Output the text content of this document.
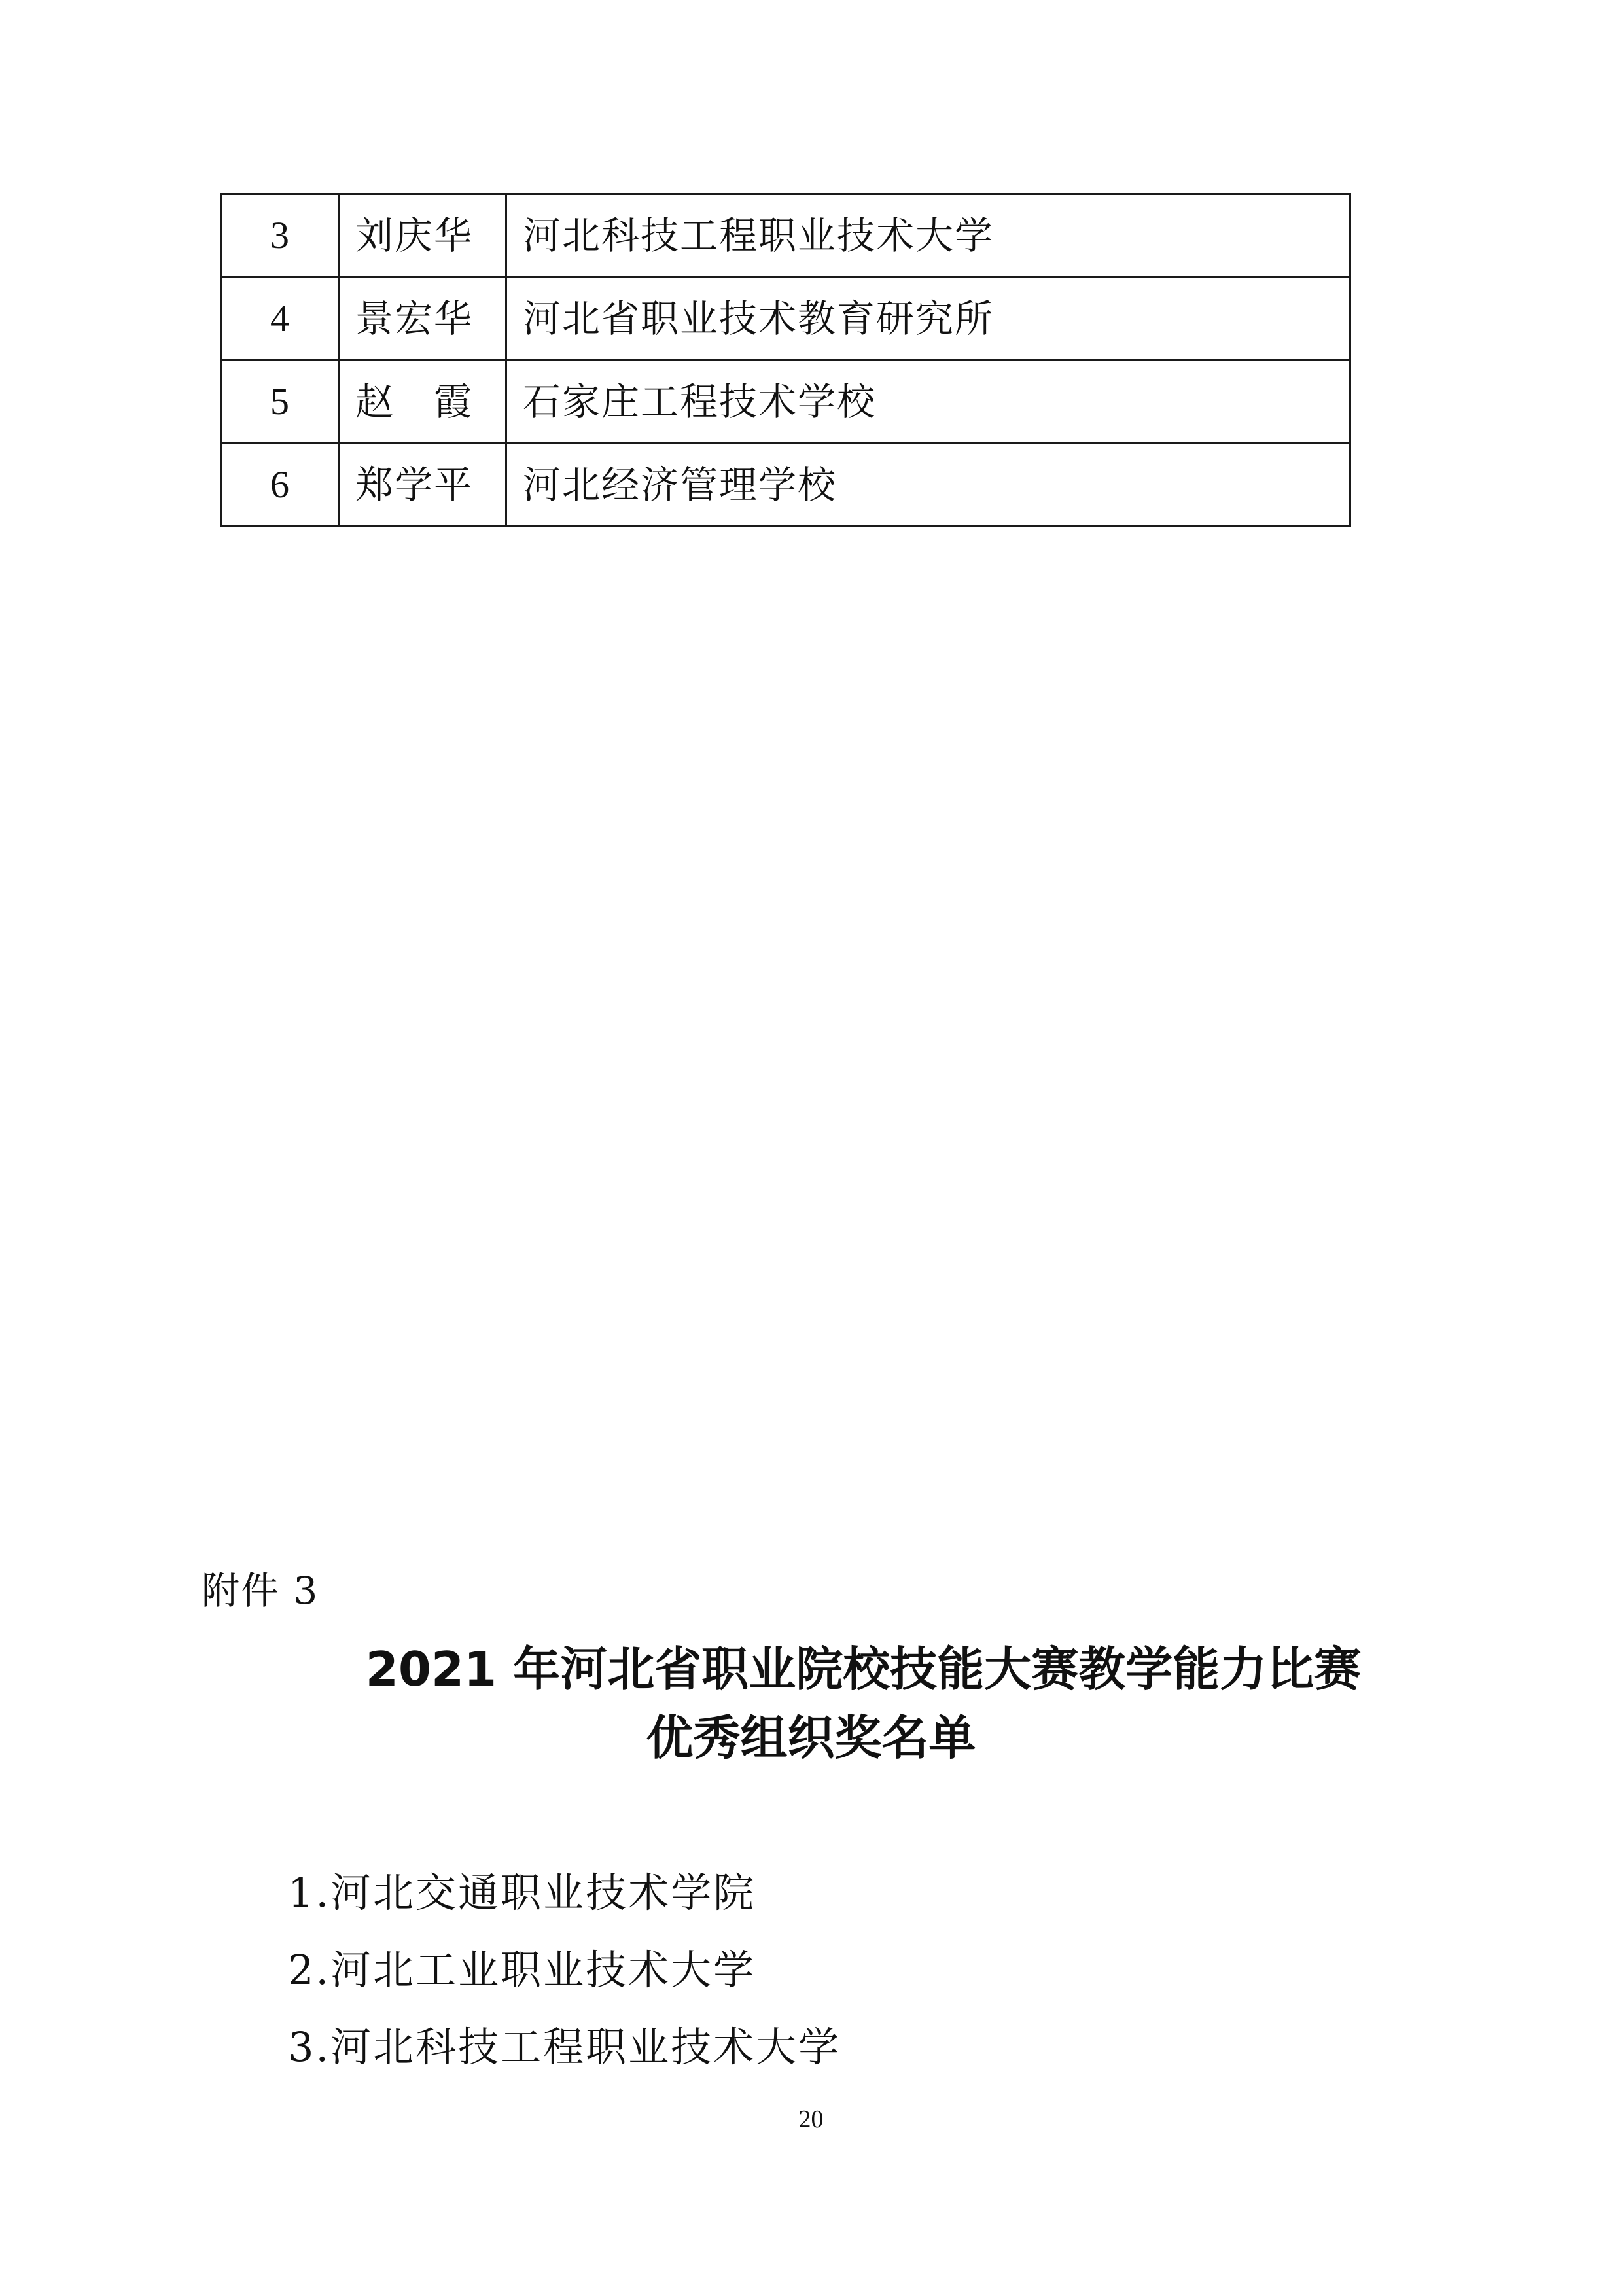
3	刘庆华	河北科技工程职业技术大学
4	景宏华	河北省职业技术教育研究所
5	赵　霞	石家庄工程技术学校
6	郑学平	河北经济管理学校
附件 3
2021 年河北省职业院校技能大赛教学能力比赛
优秀组织奖名单
1.河北交通职业技术学院
2.河北工业职业技术大学
3.河北科技工程职业技术大学
20
